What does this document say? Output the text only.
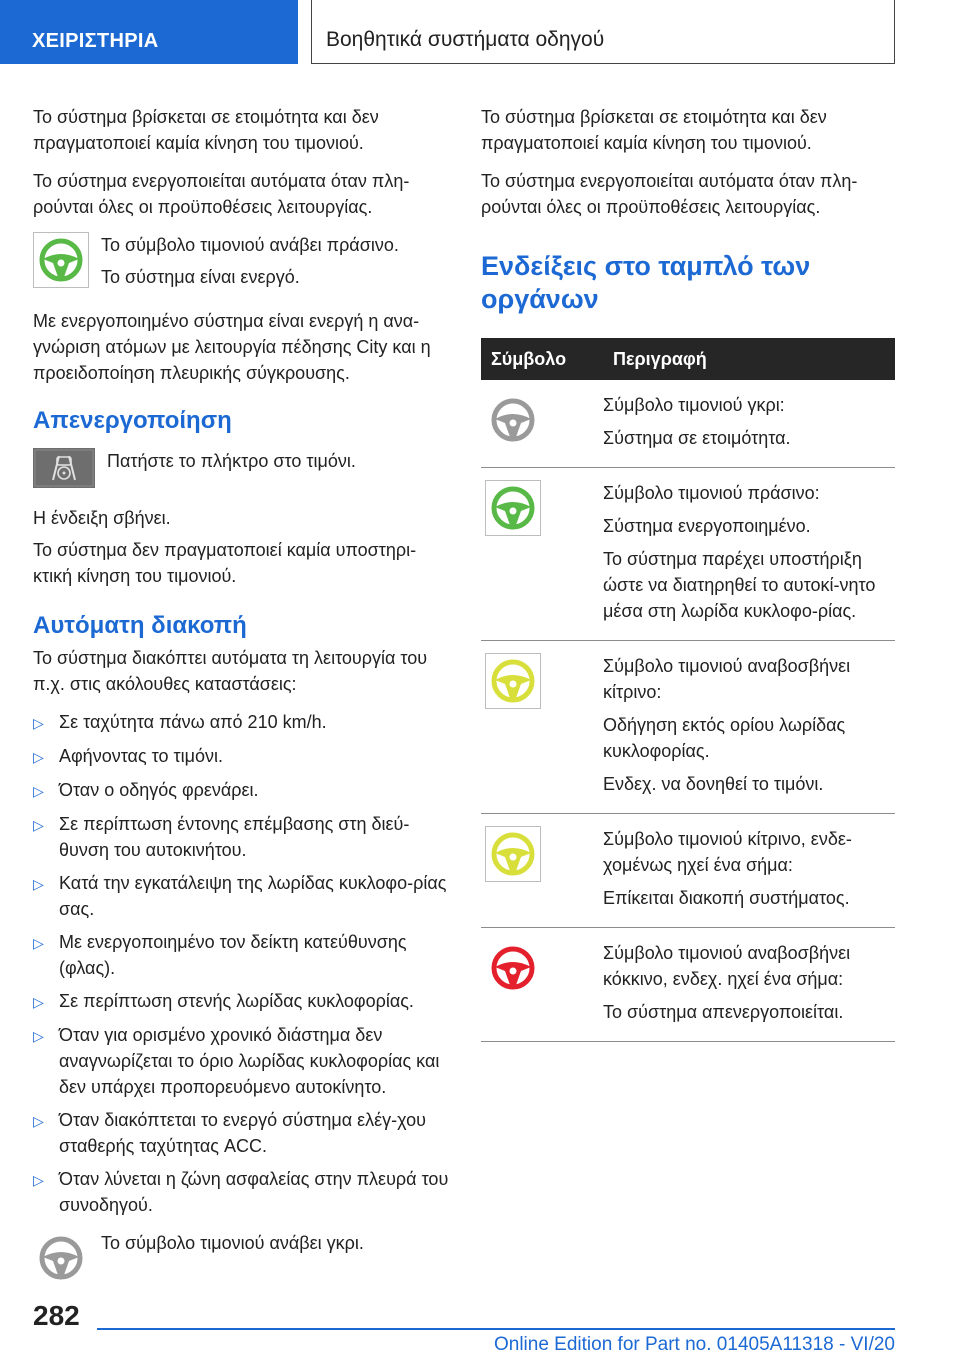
ΧΕΙΡΙΣΤΗΡΙΑ	Βοηθητικά συστήματα οδηγού

Το σύστημα βρίσκεται σε ετοιμότητα και δεν πραγματοποιεί καμία κίνηση του τιμονιού.

Το σύστημα ενεργοποιείται αυτόματα όταν πλη‐ρούνται όλες οι προϋποθέσεις λειτουργίας.

Το σύμβολο τιμονιού ανάβει πράσινο.

Το σύστημα είναι ενεργό.

Με ενεργοποιημένο σύστημα είναι ενεργή η ανα‐γνώριση ατόμων με λειτουργία πέδησης City και η προειδοποίηση πλευρικής σύγκρουσης.

Απενεργοποίηση

Πατήστε το πλήκτρο στο τιμόνι.

Η ένδειξη σβήνει.

Το σύστημα δεν πραγματοποιεί καμία υποστηρι‐κτική κίνηση του τιμονιού.

Αυτόματη διακοπή

Το σύστημα διακόπτει αυτόματα τη λειτουργία του π.χ. στις ακόλουθες καταστάσεις:

▷ Σε ταχύτητα πάνω από 210 km/h.
▷ Αφήνοντας το τιμόνι.
▷ Όταν ο οδηγός φρενάρει.
▷ Σε περίπτωση έντονης επέμβασης στη διεύ‐θυνση του αυτοκινήτου.
▷ Κατά την εγκατάλειψη της λωρίδας κυκλοφο‐ρίας σας.
▷ Με ενεργοποιημένο τον δείκτη κατεύθυνσης (φλας).
▷ Σε περίπτωση στενής λωρίδας κυκλοφορίας.
▷ Όταν για ορισμένο χρονικό διάστημα δεν αναγνωρίζεται το όριο λωρίδας κυκλοφορίας και δεν υπάρχει προπορευόμενο αυτοκίνητο.
▷ Όταν διακόπτεται το ενεργό σύστημα ελέγ‐χου σταθερής ταχύτητας ACC.
▷ Όταν λύνεται η ζώνη ασφαλείας στην πλευρά του συνοδηγού.

Το σύμβολο τιμονιού ανάβει γκρι.

Το σύστημα βρίσκεται σε ετοιμότητα και δεν πραγματοποιεί καμία κίνηση του τιμονιού.

Το σύστημα ενεργοποιείται αυτόματα όταν πλη‐ρούνται όλες οι προϋποθέσεις λειτουργίας.

Ενδείξεις στο ταμπλό των οργάνων
Σύμβολο	Περιγραφή

Σύμβολο τιμονιού γκρι:

Σύστημα σε ετοιμότητα.

Σύμβολο τιμονιού πράσινο:

Σύστημα ενεργοποιημένο.

Το σύστημα παρέχει υποστήριξη ώστε να διατηρηθεί το αυτοκί‐νητο μέσα στη λωρίδα κυκλοφο‐ρίας.

Σύμβολο τιμονιού αναβοσβήνει κίτρινο:

Οδήγηση εκτός ορίου λωρίδας κυκλοφορίας.

Ενδεχ. να δονηθεί το τιμόνι.

Σύμβολο τιμονιού κίτρινο, ενδε‐χομένως ηχεί ένα σήμα:

Επίκειται διακοπή συστήματος.

Σύμβολο τιμονιού αναβοσβήνει κόκκινο, ενδεχ. ηχεί ένα σήμα:

Το σύστημα απενεργοποιείται.

282
Online Edition for Part no. 01405A11318 - VI/20
